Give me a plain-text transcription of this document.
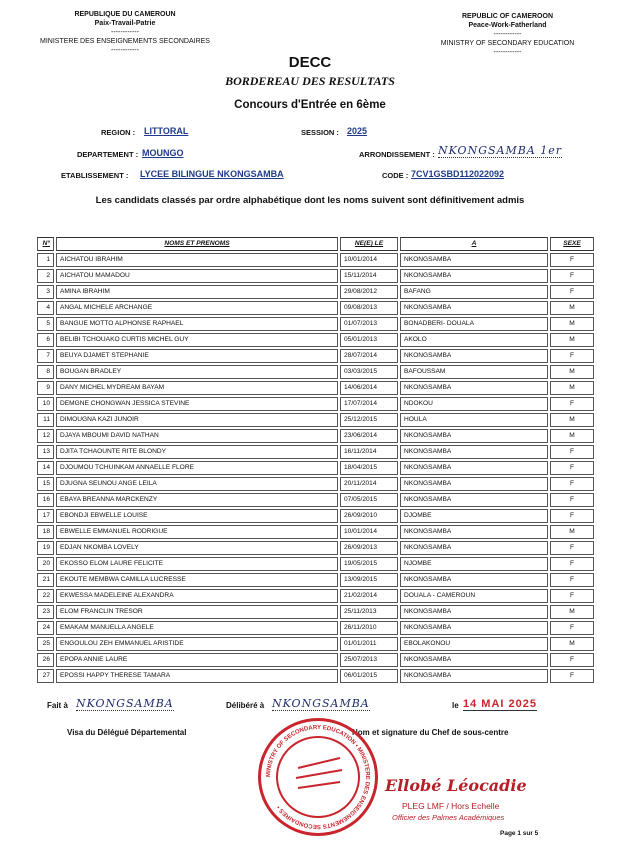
REPUBLIQUE DU CAMEROUN
Paix-Travail-Patrie
------------
MINISTERE DES ENSEIGNEMENTS SECONDAIRES
------------
REPUBLIC OF CAMEROON
Peace-Work-Fatherland
------------
MINISTRY OF SECONDARY EDUCATION
------------
DECC
BORDEREAU DES RESULTATS
Concours d'Entrée en 6ème
REGION : LITTORAL	SESSION : 2025
DEPARTEMENT : MOUNGO	ARRONDISSEMENT : NKONGSAMBA 1er
ETABLISSEMENT : LYCEE BILINGUE NKONGSAMBA	CODE : 7CV1GSBD112022092
Les candidats classés par ordre alphabétique dont les noms suivent sont définitivement admis
N°		NOMS ET PRENOMS		NE(E) LE		A		SEXE
1		AICHATOU IBRAHIM		10/01/2014		NKONGSAMBA		F
2		AICHATOU MAMADOU		15/11/2014		NKONGSAMBA		F
3		AMINA IBRAHIM		29/08/2012		BAFANG		F
4		ANGAL MICHELE ARCHANGE		09/08/2013		NKONGSAMBA		M
5		BANGUE MOTTO ALPHONSE RAPHAEL		01/07/2013		BONADBERI- DOUALA		M
6		BELIBI TCHOUAKO CURTIS MICHEL GUY		05/01/2013		AKOLO		M
7		BEUYA DJAMET STEPHANIE		28/07/2014		NKONGSAMBA		F
8		BOUGAN BRADLEY		03/03/2015		BAFOUSSAM		M
9		DANY MICHEL MYDREAM BAYAM		14/06/2014		NKONGSAMBA		M
10		DEMGNE CHONGWAN JESSICA STEVINE		17/07/2014		NDOKOU		F
11		DIMOUGNA KAZI JUNOIR		25/12/2015		HOULA		M
12		DJAYA MBOUMI DAVID NATHAN		23/06/2014		NKONGSAMBA		M
13		DJITA TCHAOUNTE RITE BLONDY		16/11/2014		NKONGSAMBA		F
14		DJOUMOU TCHUINKAM ANNAELLE FLORE		18/04/2015		NKONGSAMBA		F
15		DJUGNA SEUNOU ANGE LEILA		20/11/2014		NKONGSAMBA		F
16		EBAYA BREANNA MARCKENZY		07/05/2015		NKONGSAMBA		F
17		EBONDJI EBWELLE LOUISE		26/09/2010		DJOMBE		F
18		EBWELLE EMMANUEL RODRIGUE		10/01/2014		NKONGSAMBA		M
19		EDJAN NKOMBA LOVELY		26/09/2013		NKONGSAMBA		F
20		EKOSSO ELOM LAURE FELICITE		19/05/2015		NJOMBE		F
21		EKOUTE MEMBWA CAMILLA LUCRESSE		13/09/2015		NKONGSAMBA		F
22		EKWESSA MADELEINE ALEXANDRA		21/02/2014		DOUALA - CAMEROUN		F
23		ELOM FRANCLIN TRESOR		25/11/2013		NKONGSAMBA		M
24		EMAKAM MANUELLA ANGELE		26/11/2010		NKONGSAMBA		F
25		ENGOULOU ZEH EMMANUEL ARISTIDE		01/01/2011		EBOLAKONOU		M
26		EPOPA ANNIE LAURE		25/07/2013		NKONGSAMBA		F
27		EPOSSI HAPPY THERESE TAMARA		06/01/2015		NKONGSAMBA		F
Fait à NKONGSAMBA	Délibéré à NKONGSAMBA	le 14 MAI 2025
Visa du Délégué Départemental	Nom et signature du Chef de sous-centre
MINISTRY OF SECONDARY EDUCATION • MINISTERE DES ENSEIGNEMENTS SECONDAIRES •
Ellobé Léocadie
PLEG LMF / Hors Echelle
Officier des Palmes Académiques
Page 1 sur 5
